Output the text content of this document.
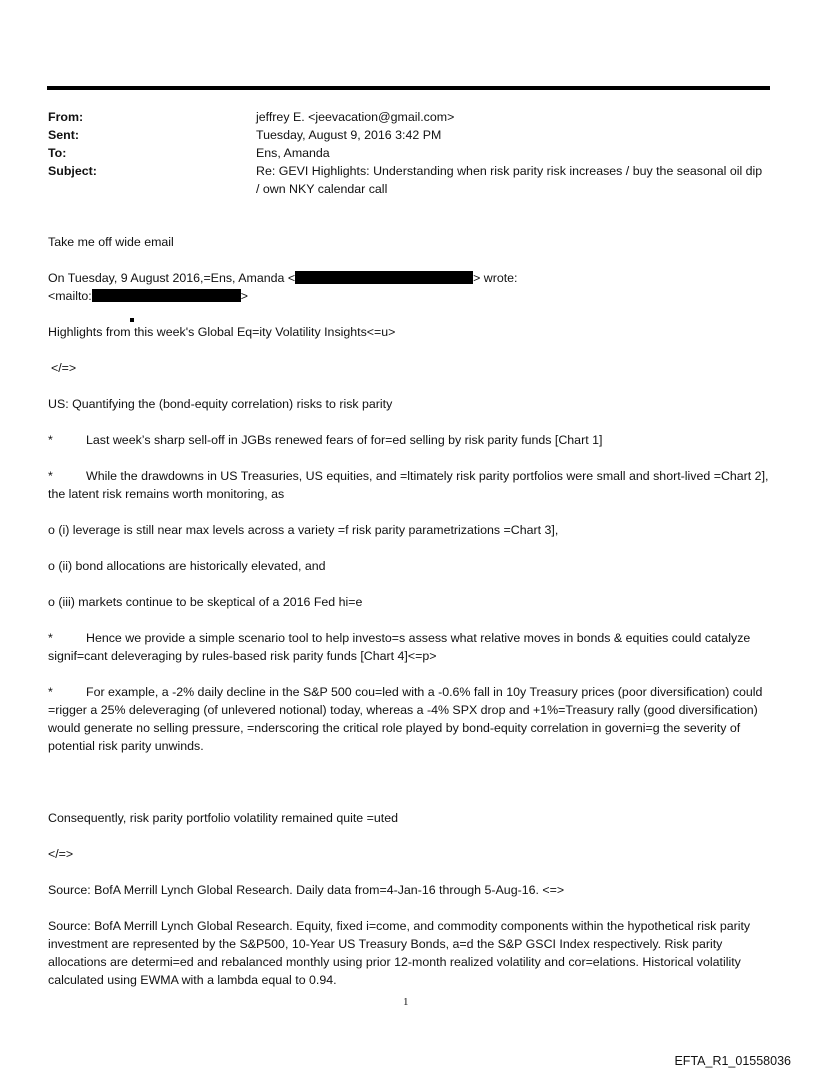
From:	jeffrey E. <jeevacation@gmail.com>
Sent:	Tuesday, August 9, 2016 3:42 PM
To:	Ens, Amanda
Subject:	Re: GEVI Highlights: Understanding when risk parity risk increases / buy the seasonal oil dip / own NKY calendar call

Take me off wide email

On Tuesday, 9 August 2016,=Ens, Amanda <	> wrote:

<mailto:	>

Highlights from this week's Global Eq=ity Volatility Insights<=u>

</=>

US: Quantifying the (bond-equity correlation) risks to risk parity

*	Last week’s sharp sell-off in JGBs renewed fears of for=ed selling by risk parity funds [Chart 1]

*	While the drawdowns in US Treasuries, US equities, and =ltimately risk parity portfolios were small and short-lived =Chart 2], the latent risk remains worth monitoring, as

o (i) leverage is still near max levels across a variety =f risk parity parametrizations =Chart 3],

o (ii) bond allocations are historically elevated, and

o (iii) markets continue to be skeptical of a 2016 Fed hi=e

*	Hence we provide a simple scenario tool to help investo=s assess what relative moves in bonds & equities could catalyze signif=cant deleveraging by rules-based risk parity funds [Chart 4]<=p>

*	For example, a -2% daily decline in the S&P 500 cou=led with a -0.6% fall in 10y Treasury prices (poor diversification) could =rigger a 25% deleveraging (of unlevered notional) today, whereas a -4% SPX drop and +1%=Treasury rally (good diversification) would generate no selling pressure, =nderscoring the critical role played by bond-equity correlation in governi=g the severity of potential risk parity unwinds.

Consequently, risk parity portfolio volatility remained quite =uted

</=>

Source: BofA Merrill Lynch Global Research. Daily data from=4-Jan-16 through 5-Aug-16. <=>

Source: BofA Merrill Lynch Global Research. Equity, fixed i=come, and commodity components within the hypothetical risk parity investment are represented by the S&P500, 10-Year US Treasury Bonds, a=d the S&P GSCI Index respectively. Risk parity allocations are determi=ed and rebalanced monthly using prior 12-month realized volatility and cor=elations. Historical volatility calculated using EWMA with a lambda equal to 0.94.

1
EFTA_R1_01558036
